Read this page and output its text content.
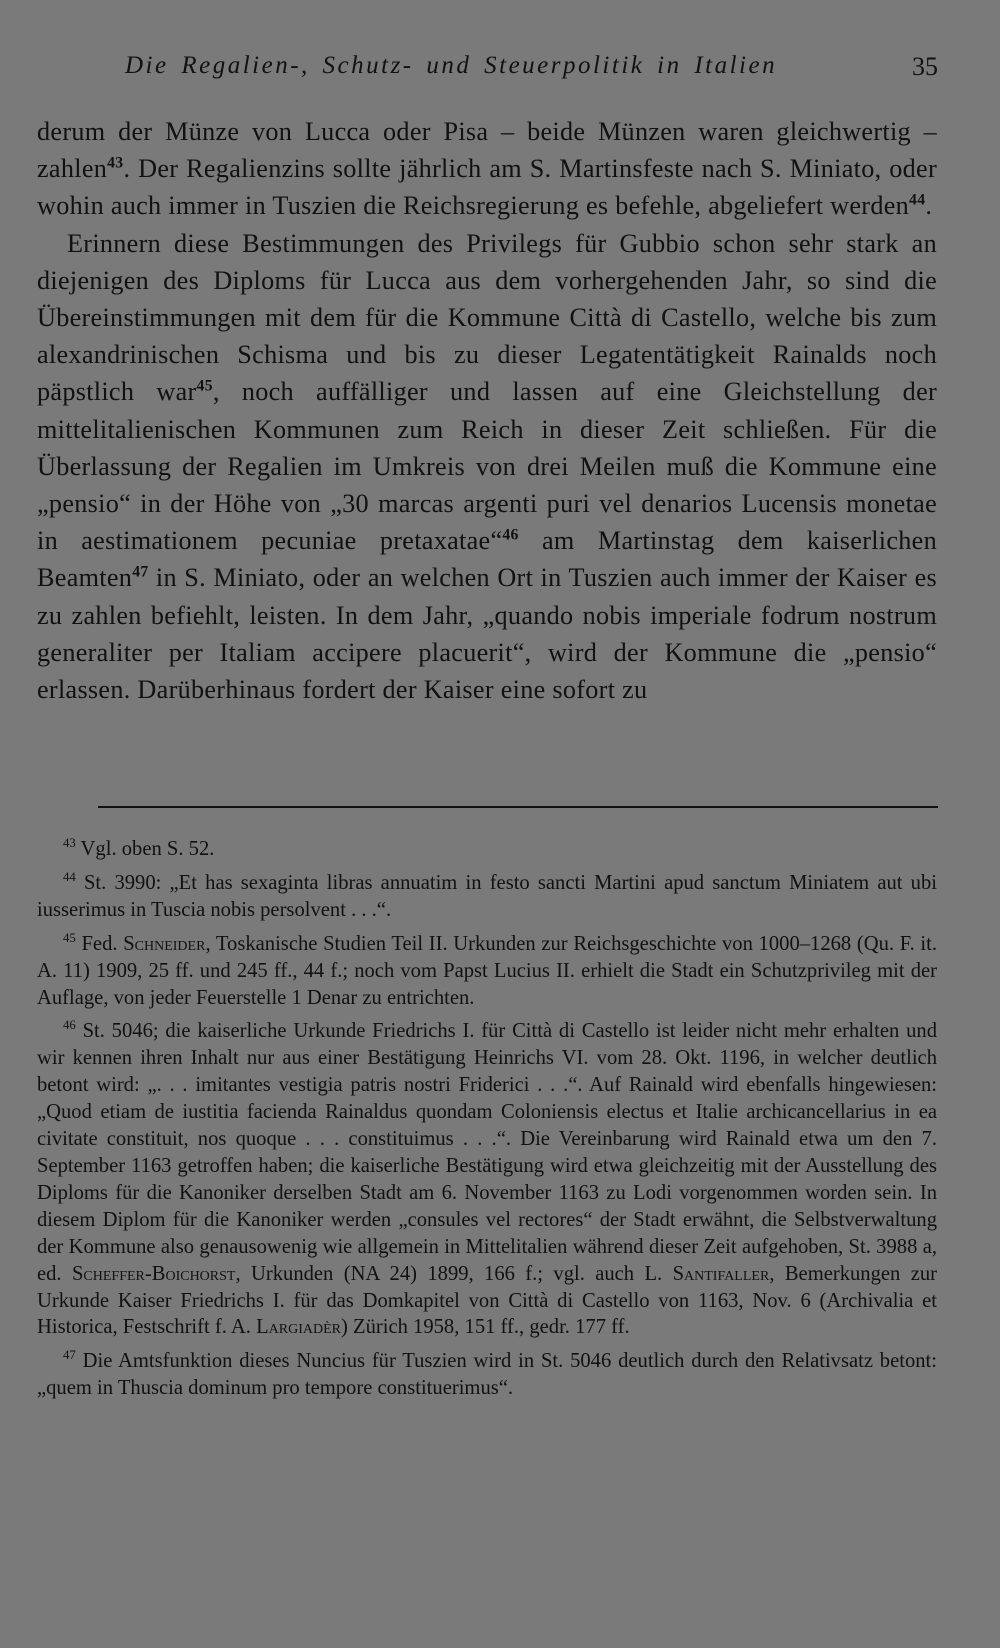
Die Regalien-, Schutz- und Steuerpolitik in Italien	35

derum der Münze von Lucca oder Pisa – beide Münzen waren gleichwertig – zahlen$^{43}$. Der Regalienzins sollte jährlich am S. Martinsfeste nach S. Miniato, oder wohin auch immer in Tuszien die Reichsregierung es befehle, abgeliefert werden$^{44}$.

Erinnern diese Bestimmungen des Privilegs für Gubbio schon sehr stark an diejenigen des Diploms für Lucca aus dem vorhergehenden Jahr, so sind die Übereinstimmungen mit dem für die Kommune Città di Castello, welche bis zum alexandrinischen Schisma und bis zu dieser Legatentätigkeit Rainalds noch päpstlich war$^{45}$, noch auffälliger und lassen auf eine Gleichstellung der mittelitalienischen Kommunen zum Reich in dieser Zeit schließen. Für die Überlassung der Regalien im Umkreis von drei Meilen muß die Kommune eine „pensio“ in der Höhe von „30 marcas argenti puri vel denarios Lucensis monetae in aestimationem pecuniae pretaxatae“$^{46}$ am Martinstag dem kaiserlichen Beamten$^{47}$ in S. Miniato, oder an welchen Ort in Tuszien auch immer der Kaiser es zu zahlen befiehlt, leisten. In dem Jahr, „quando nobis imperiale fodrum nostrum generaliter per Italiam accipere placuerit“, wird der Kommune die „pensio“ erlassen. Darüberhinaus fordert der Kaiser eine sofort zu

$^{43}$ Vgl. oben S. 52.

$^{44}$ St. 3990: „Et has sexaginta libras annuatim in festo sancti Martini apud sanctum Miniatem aut ubi iusserimus in Tuscia nobis persolvent . . .“.

$^{45}$ Fed. Schneider, Toskanische Studien Teil II. Urkunden zur Reichsgeschichte von 1000–1268 (Qu. F. it. A. 11) 1909, 25 ff. und 245 ff., 44 f.; noch vom Papst Lucius II. erhielt die Stadt ein Schutzprivileg mit der Auflage, von jeder Feuerstelle 1 Denar zu entrichten.

$^{46}$ St. 5046; die kaiserliche Urkunde Friedrichs I. für Città di Castello ist leider nicht mehr erhalten und wir kennen ihren Inhalt nur aus einer Bestätigung Heinrichs VI. vom 28. Okt. 1196, in welcher deutlich betont wird: „. . . imitantes vestigia patris nostri Friderici . . .“. Auf Rainald wird ebenfalls hingewiesen: „Quod etiam de iustitia facienda Rainaldus quondam Coloniensis electus et Italie archicancellarius in ea civitate constituit, nos quoque . . . constituimus . . .“. Die Vereinbarung wird Rainald etwa um den 7. September 1163 getroffen haben; die kaiserliche Bestätigung wird etwa gleichzeitig mit der Ausstellung des Diploms für die Kanoniker derselben Stadt am 6. November 1163 zu Lodi vorgenommen worden sein. In diesem Diplom für die Kanoniker werden „consules vel rectores“ der Stadt erwähnt, die Selbstverwaltung der Kommune also genausowenig wie allgemein in Mittelitalien während dieser Zeit aufgehoben, St. 3988 a, ed. Scheffer-Boichorst, Urkunden (NA 24) 1899, 166 f.; vgl. auch L. Santifaller, Bemerkungen zur Urkunde Kaiser Friedrichs I. für das Domkapitel von Città di Castello von 1163, Nov. 6 (Archivalia et Historica, Festschrift f. A. Largiadèr) Zürich 1958, 151 ff., gedr. 177 ff.

$^{47}$ Die Amtsfunktion dieses Nuncius für Tuszien wird in St. 5046 deutlich durch den Relativsatz betont: „quem in Thuscia dominum pro tempore constituerimus“.
